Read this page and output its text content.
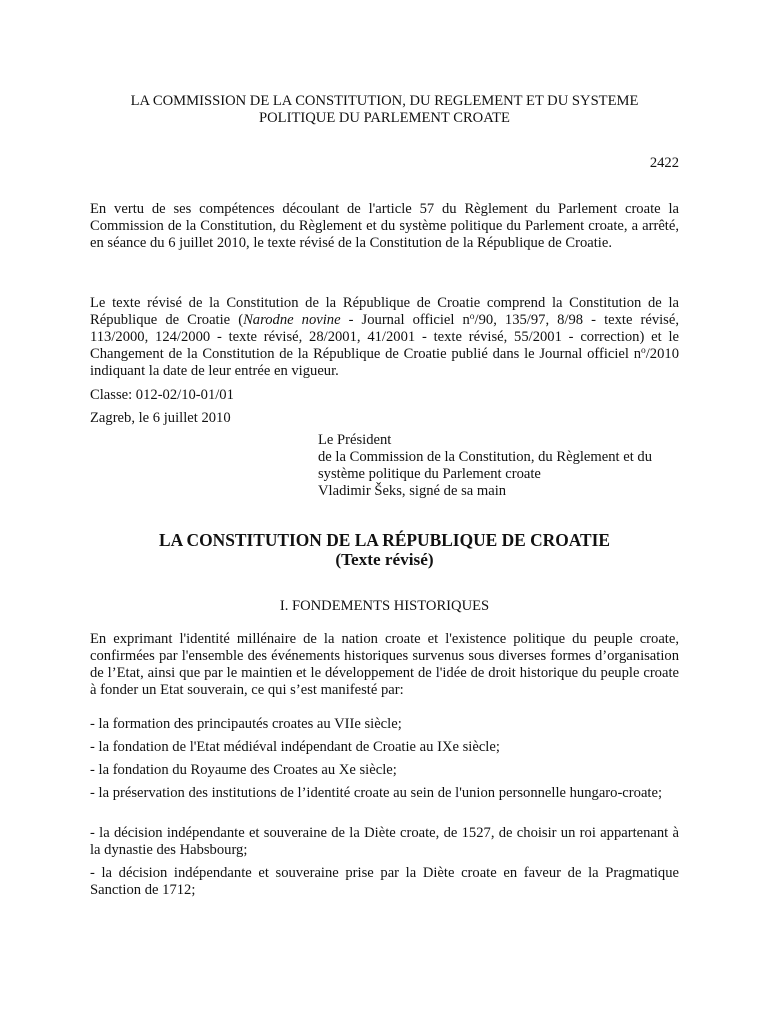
LA COMMISSION DE LA CONSTITUTION, DU REGLEMENT ET DU SYSTEME
POLITIQUE DU PARLEMENT CROATE
2422

En vertu de ses compétences découlant de l'article 57 du Règlement du Parlement croate la Commission de la Constitution, du Règlement et du système politique du Parlement croate, a arrêté, en séance du 6 juillet 2010, le texte révisé de la Constitution de la République de Croatie.

Le texte révisé de la Constitution de la République de Croatie comprend la Constitution de la République de Croatie (Narodne novine - Journal officiel $n^o/90$, 135/97, 8/98 - texte révisé, 113/2000, 124/2000 - texte révisé, 28/2001, 41/2001 - texte révisé, 55/2001 - correction) et le Changement de la Constitution de la République de Croatie publié dans le Journal officiel $n^o/2010$ indiquant la date de leur entrée en vigueur.

Classe: 012-02/10-01/01
Zagreb, le 6 juillet 2010
Le Président
de la Commission de la Constitution, du Règlement et du
système politique du Parlement croate
Vladimir Šeks, signé de sa main
LA CONSTITUTION DE LA RÉPUBLIQUE DE CROATIE
(Texte révisé)
I. FONDEMENTS HISTORIQUES

En exprimant l'identité millénaire de la nation croate et l'existence politique du peuple croate, confirmées par l'ensemble des événements historiques survenus sous diverses formes d’organisation de l’Etat, ainsi que par le maintien et le développement de l'idée de droit historique du peuple croate à fonder un Etat souverain, ce qui s’est manifesté par:

- la formation des principautés croates au VIIe siècle;
- la fondation de l'Etat médiéval indépendant de Croatie au IXe siècle;
- la fondation du Royaume des Croates au Xe siècle;
- la préservation des institutions de l’identité croate au sein de l'union personnelle hungaro-croate;
- la décision indépendante et souveraine de la Diète croate, de 1527, de choisir un roi appartenant à la dynastie des Habsbourg;
- la décision indépendante et souveraine prise par la Diète croate en faveur de la Pragmatique Sanction de 1712;
